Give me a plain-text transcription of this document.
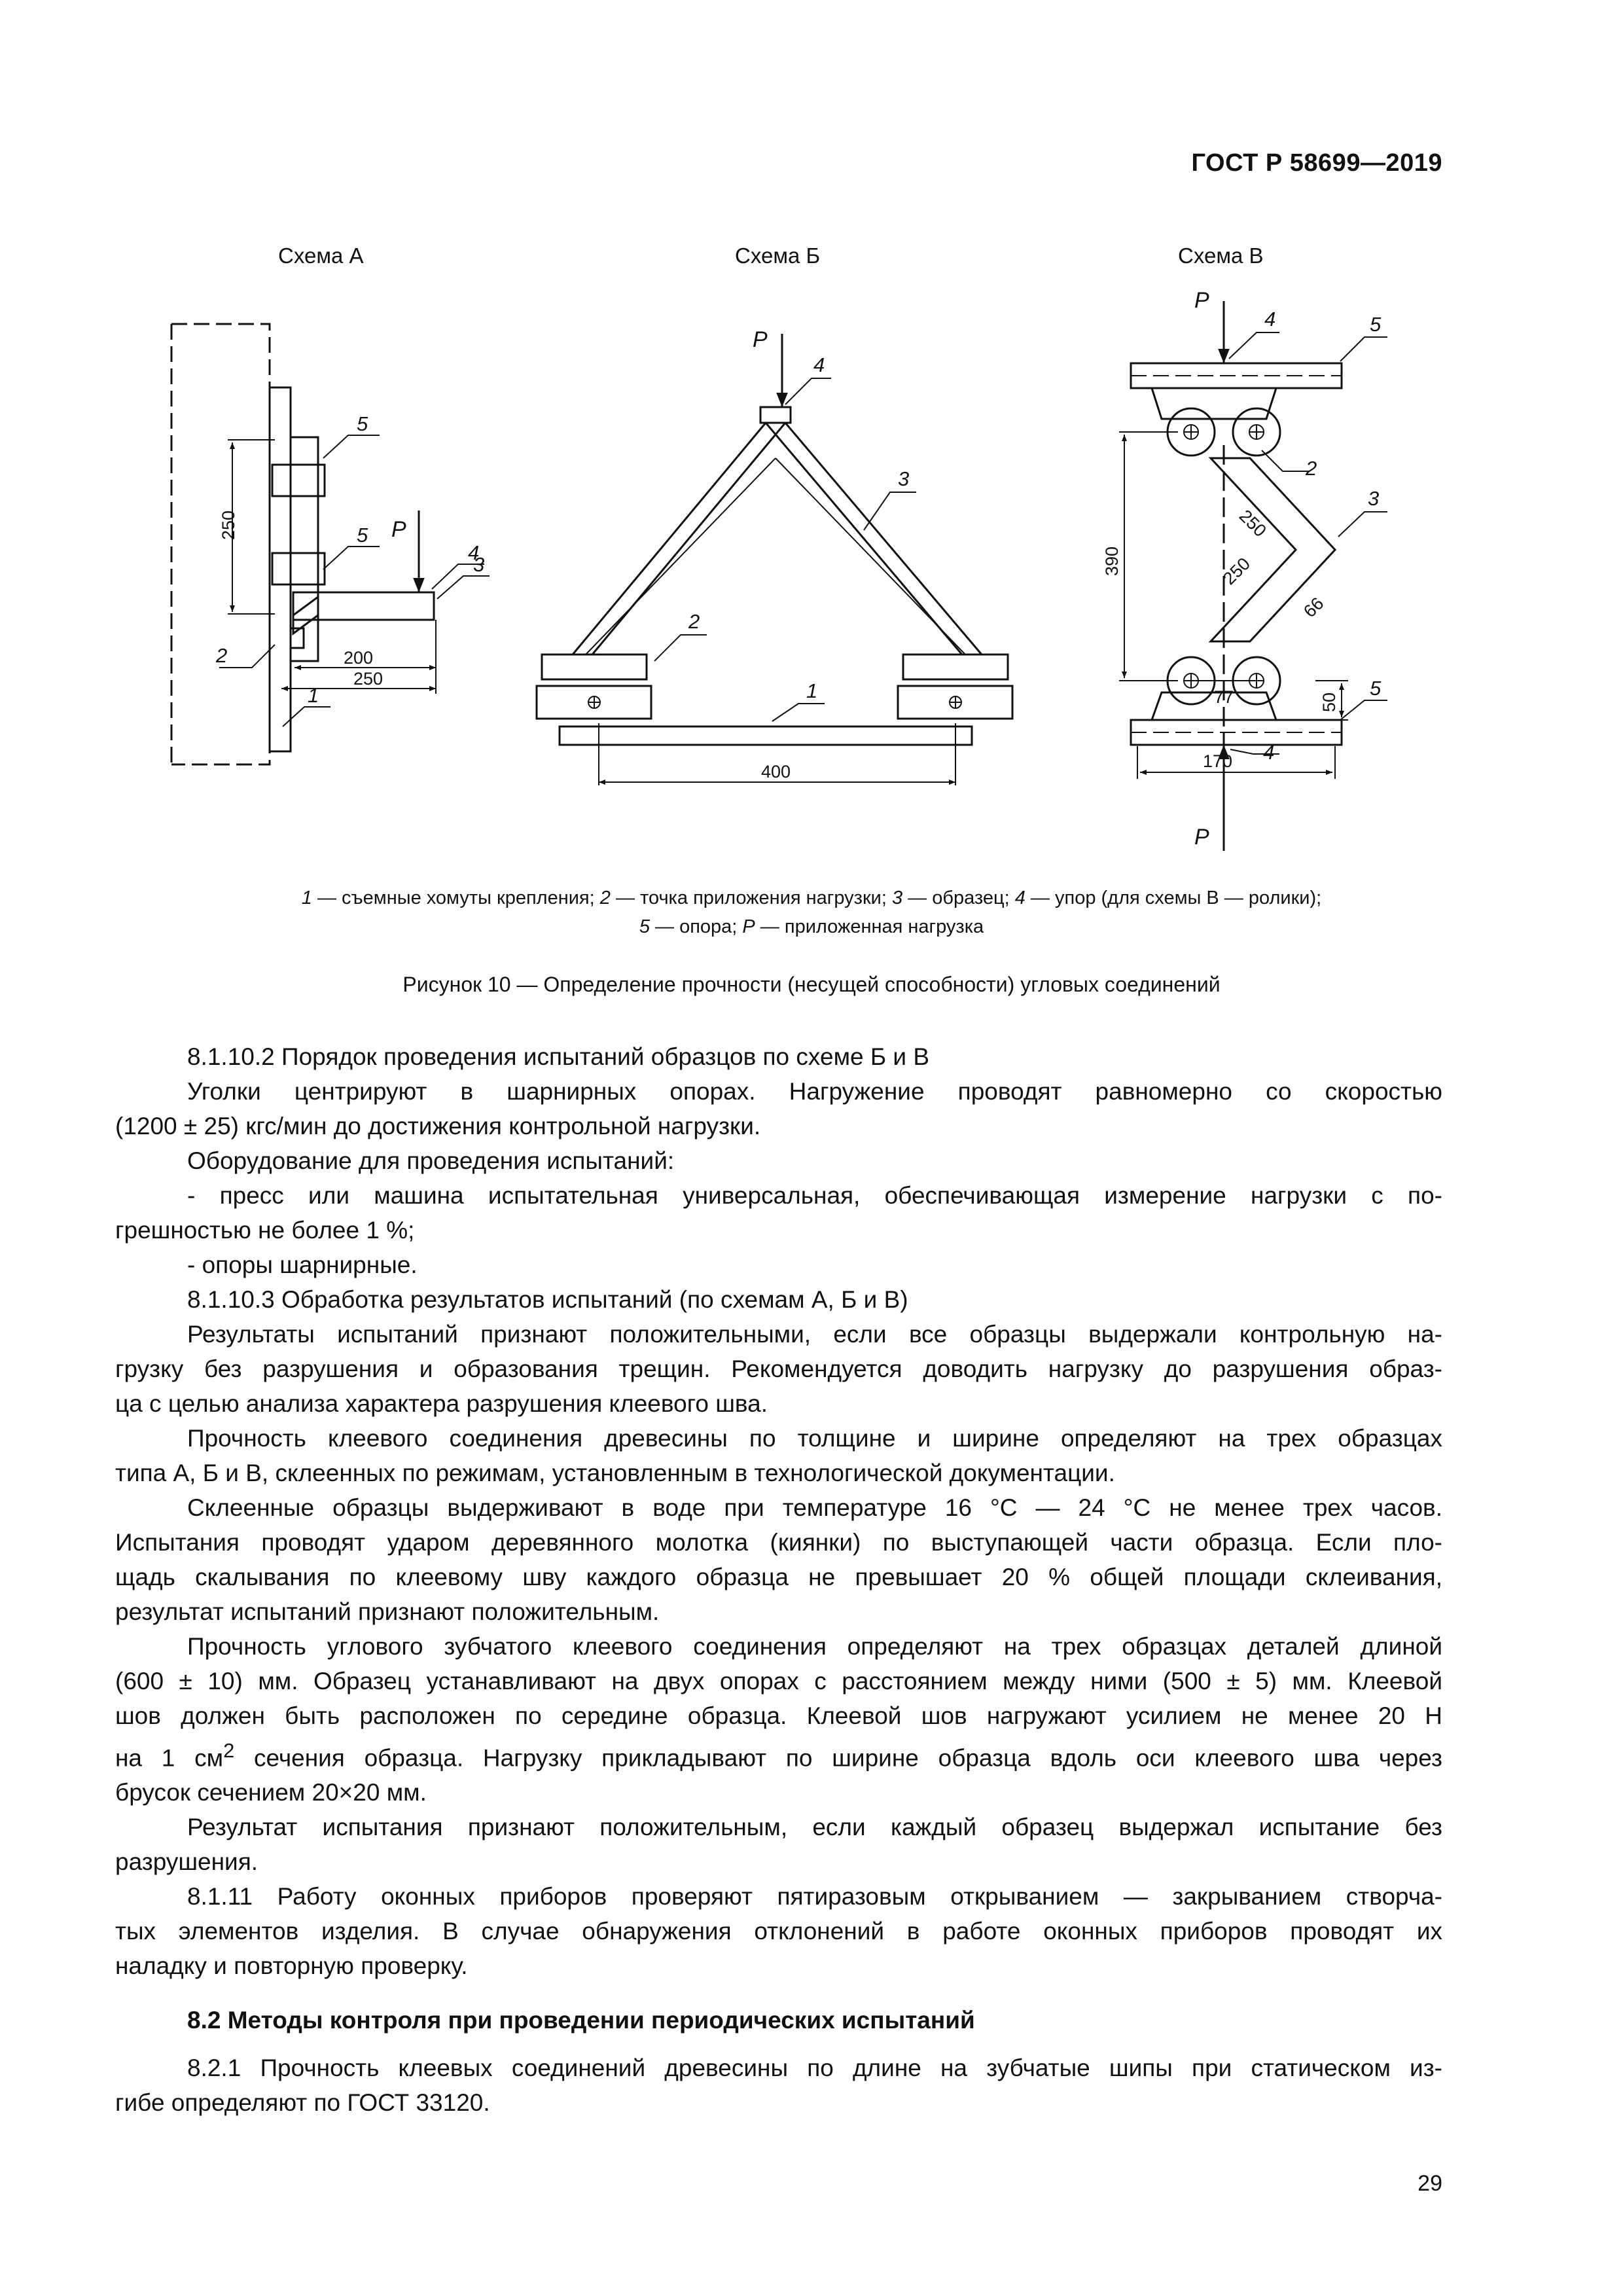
ГОСТ Р 58699—2019
Схема А	Схема Б	Схема В
250
200
250
5
5 P
4
3
2
1
400
P
4
3
2
1
390
250
250
66
77	50
170
P
4	5
2
3
5
4
P
1 — съемные хомуты крепления; 2 — точка приложения нагрузки; 3 — образец; 4 — упор (для схемы В — ролики);
5 — опора; P — приложенная нагрузка
Рисунок 10 — Определение прочности (несущей способности) угловых соединений

8.1.10.2 Порядок проведения испытаний образцов по схеме Б и В

Уголки центрируют в шарнирных опорах. Нагружение проводят равномерно со скоростью

(1200 ± 25) кгс/мин до достижения контрольной нагрузки.

Оборудование для проведения испытаний:

- пресс или машина испытательная универсальная, обеспечивающая измерение нагрузки с по-

грешностью не более 1 %;

- опоры шарнирные.

8.1.10.3 Обработка результатов испытаний (по схемам А, Б и В)

Результаты испытаний признают положительными, если все образцы выдержали контрольную на-

грузку без разрушения и образования трещин. Рекомендуется доводить нагрузку до разрушения образ-

ца с целью анализа характера разрушения клеевого шва.

Прочность клеевого соединения древесины по толщине и ширине определяют на трех образцах

типа А, Б и В, склеенных по режимам, установленным в технологической документации.

Склеенные образцы выдерживают в воде при температуре 16 °С — 24 °С не менее трех часов.

Испытания проводят ударом деревянного молотка (киянки) по выступающей части образца. Если пло-

щадь скалывания по клеевому шву каждого образца не превышает 20 % общей площади склеивания,

результат испытаний признают положительным.

Прочность углового зубчатого клеевого соединения определяют на трех образцах деталей длиной

(600 ± 10) мм. Образец устанавливают на двух опорах с расстоянием между ними (500 ± 5) мм. Клеевой

шов должен быть расположен по середине образца. Клеевой шов нагружают усилием не менее 20 Н

на 1 $см^2$ сечения образца. Нагрузку прикладывают по ширине образца вдоль оси клеевого шва через

брусок сечением 20×20 мм.

Результат испытания признают положительным, если каждый образец выдержал испытание без

разрушения.

8.1.11 Работу оконных приборов проверяют пятиразовым открыванием — закрыванием створча-

тых элементов изделия. В случае обнаружения отклонений в работе оконных приборов проводят их

наладку и повторную проверку.

8.2 Методы контроля при проведении периодических испытаний

8.2.1 Прочность клеевых соединений древесины по длине на зубчатые шипы при статическом из-

гибе определяют по ГОСТ 33120.

29
